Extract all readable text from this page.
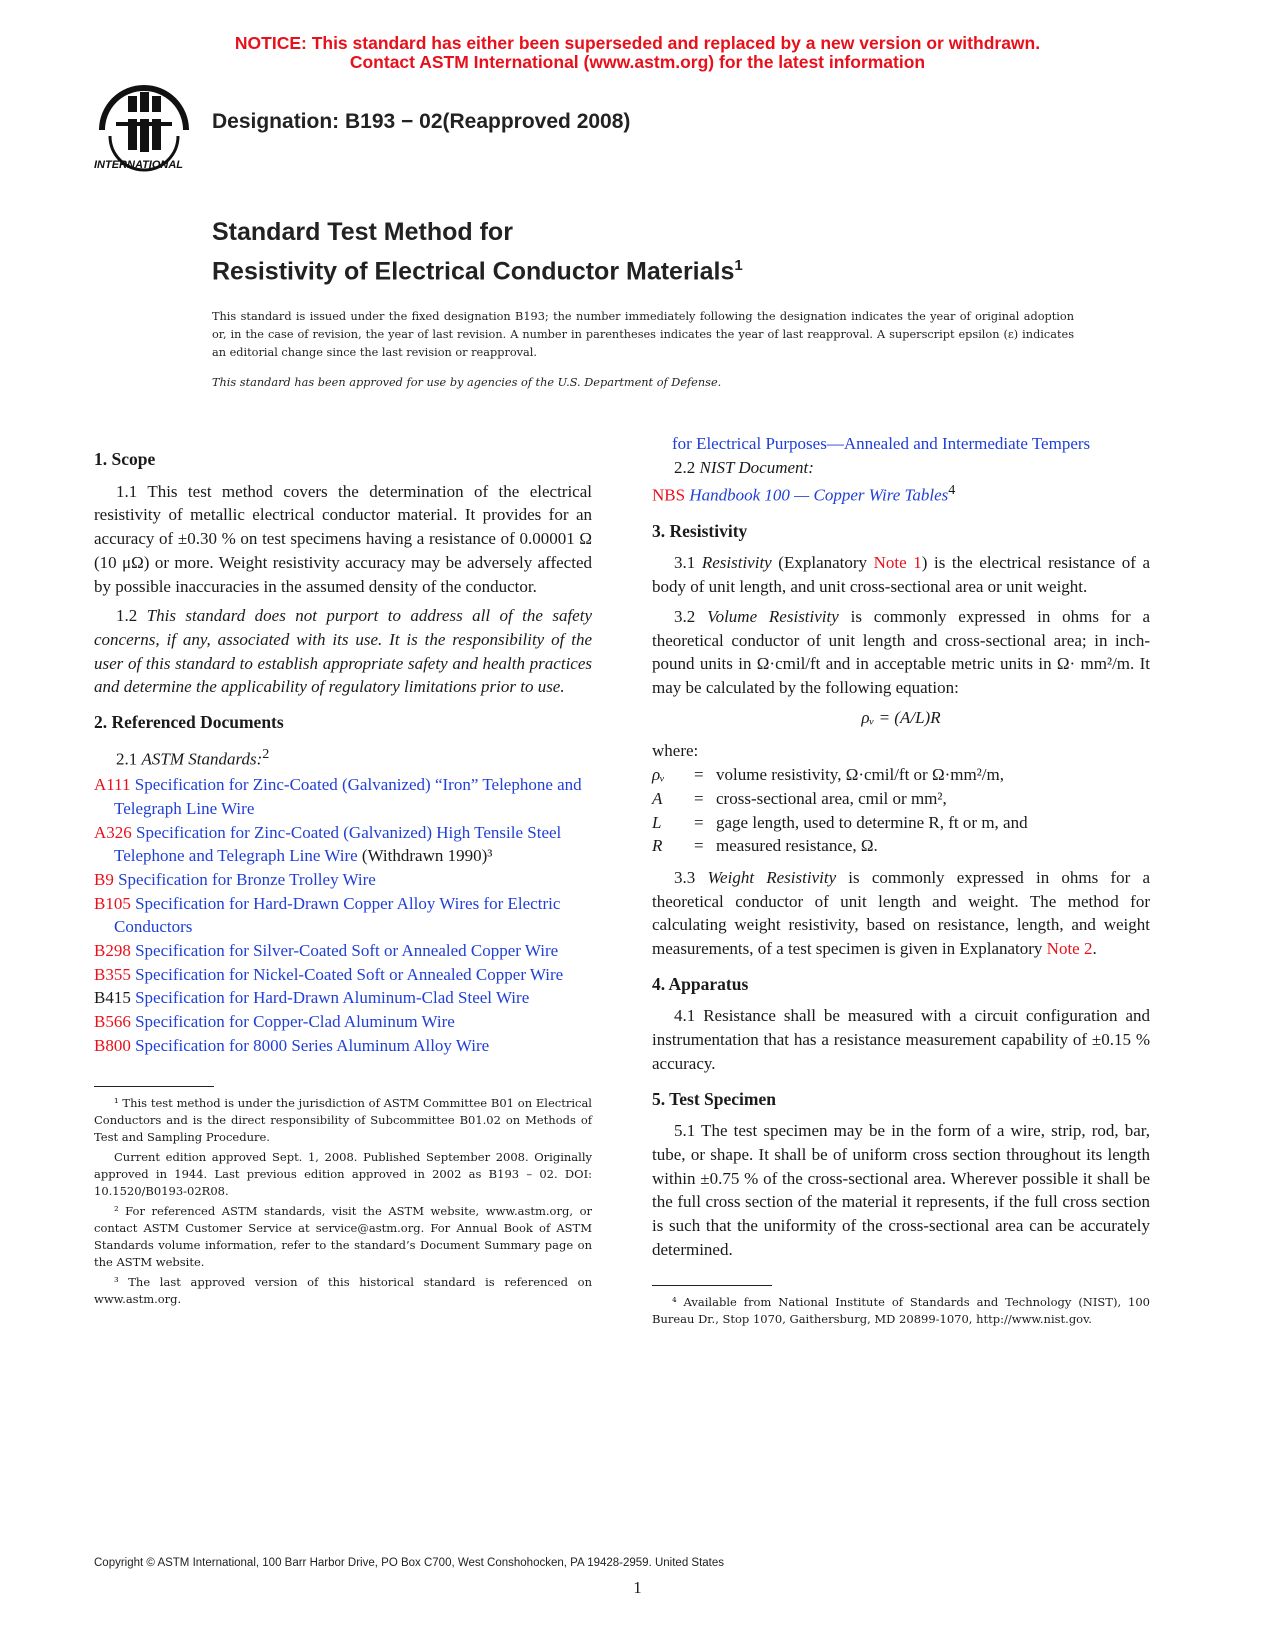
NOTICE: This standard has either been superseded and replaced by a new version or withdrawn.
Contact ASTM International (www.astm.org) for the latest information
INTERNATIONAL
Designation: B193 − 02(Reapproved 2008)
Standard Test Method for
Resistivity of Electrical Conductor Materials$^1$
This standard is issued under the fixed designation B193; the number immediately following the designation indicates the year of original adoption or, in the case of revision, the year of last revision. A number in parentheses indicates the year of last reapproval. A superscript epsilon (ε) indicates an editorial change since the last revision or reapproval.
This standard has been approved for use by agencies of the U.S. Department of Defense.
1. Scope

1.1 This test method covers the determination of the electrical resistivity of metallic electrical conductor material. It provides for an accuracy of ±0.30 % on test specimens having a resistance of 0.00001 Ω (10 μΩ) or more. Weight resistivity accuracy may be adversely affected by possible inaccuracies in the assumed density of the conductor.

1.2 This standard does not purport to address all of the safety concerns, if any, associated with its use. It is the responsibility of the user of this standard to establish appropriate safety and health practices and determine the applicability of regulatory limitations prior to use.

2. Referenced Documents

2.1 ASTM Standards:$^2$

A111 Specification for Zinc-Coated (Galvanized) “Iron” Telephone and Telegraph Line Wire
A326 Specification for Zinc-Coated (Galvanized) High Tensile Steel Telephone and Telegraph Line Wire (Withdrawn 1990)³
B9 Specification for Bronze Trolley Wire
B105 Specification for Hard-Drawn Copper Alloy Wires for Electric Conductors
B298 Specification for Silver-Coated Soft or Annealed Copper Wire
B355 Specification for Nickel-Coated Soft or Annealed Copper Wire
B415 Specification for Hard-Drawn Aluminum-Clad Steel Wire
B566 Specification for Copper-Clad Aluminum Wire
B800 Specification for 8000 Series Aluminum Alloy Wire

¹ This test method is under the jurisdiction of ASTM Committee B01 on Electrical Conductors and is the direct responsibility of Subcommittee B01.02 on Methods of Test and Sampling Procedure.

Current edition approved Sept. 1, 2008. Published September 2008. Originally approved in 1944. Last previous edition approved in 2002 as B193 – 02. DOI: 10.1520/B0193-02R08.

² For referenced ASTM standards, visit the ASTM website, www.astm.org, or contact ASTM Customer Service at service@astm.org. For Annual Book of ASTM Standards volume information, refer to the standard’s Document Summary page on the ASTM website.

³ The last approved version of this historical standard is referenced on www.astm.org.

for Electrical Purposes—Annealed and Intermediate Tempers

2.2 NIST Document:

NBS Handbook 100 — Copper Wire Tables$^4$
3. Resistivity

3.1 Resistivity (Explanatory Note 1) is the electrical resistance of a body of unit length, and unit cross-sectional area or unit weight.

3.2 Volume Resistivity is commonly expressed in ohms for a theoretical conductor of unit length and cross-sectional area; in inch-pound units in Ω·cmil/ft and in acceptable metric units in Ω· mm²/m. It may be calculated by the following equation:

ρᵥ = (A/L)R
where:
ρᵥ	= volume resistivity, Ω·cmil/ft or Ω·mm²/m,
A	= cross-sectional area, cmil or mm²,
L	= gage length, used to determine R, ft or m, and
R	= measured resistance, Ω.

3.3 Weight Resistivity is commonly expressed in ohms for a theoretical conductor of unit length and weight. The method for calculating weight resistivity, based on resistance, length, and weight measurements, of a test specimen is given in Explanatory Note 2.

4. Apparatus

4.1 Resistance shall be measured with a circuit configuration and instrumentation that has a resistance measurement capability of ±0.15 % accuracy.

5. Test Specimen

5.1 The test specimen may be in the form of a wire, strip, rod, bar, tube, or shape. It shall be of uniform cross section throughout its length within ±0.75 % of the cross-sectional area. Wherever possible it shall be the full cross section of the material it represents, if the full cross section is such that the uniformity of the cross-sectional area can be accurately determined.

⁴ Available from National Institute of Standards and Technology (NIST), 100 Bureau Dr., Stop 1070, Gaithersburg, MD 20899-1070, http://www.nist.gov.

Copyright © ASTM International, 100 Barr Harbor Drive, PO Box C700, West Conshohocken, PA 19428-2959. United States
1
